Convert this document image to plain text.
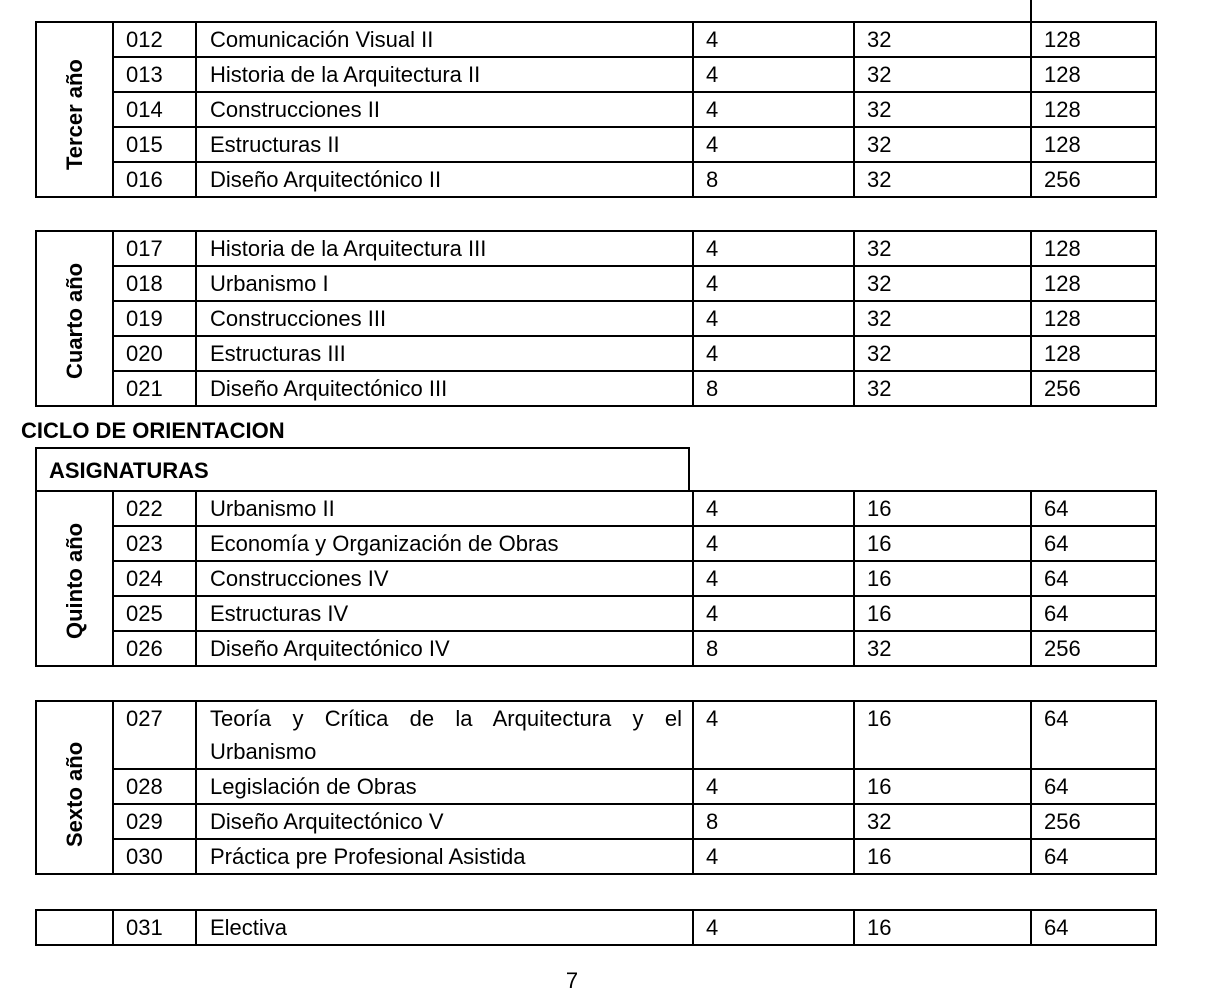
Tercer año	012	Comunicación Visual II	4	32	128
	013	Historia de la Arquitectura II	4	32	128
	014	Construcciones II	4	32	128
	015	Estructuras II	4	32	128
	016	Diseño Arquitectónico II	8	32	256
Cuarto año	017	Historia de la Arquitectura III	4	32	128
	018	Urbanismo I	4	32	128
	019	Construcciones III	4	32	128
	020	Estructuras III	4	32	128
	021	Diseño Arquitectónico III	8	32	256
CICLO DE ORIENTACION
ASIGNATURAS
Quinto año	022	Urbanismo II	4	16	64
	023	Economía y Organización de Obras	4	16	64
	024	Construcciones IV	4	16	64
	025	Estructuras IV	4	16	64
	026	Diseño Arquitectónico IV	8	32	256
Sexto año	027	Teoría y Crítica de la Arquitectura y el Urbanismo	4	16	64
	028	Legislación de Obras	4	16	64
	029	Diseño Arquitectónico V	8	32	256
	030	Práctica pre Profesional Asistida	4	16	64
	031	Electiva	4	16	64
7
